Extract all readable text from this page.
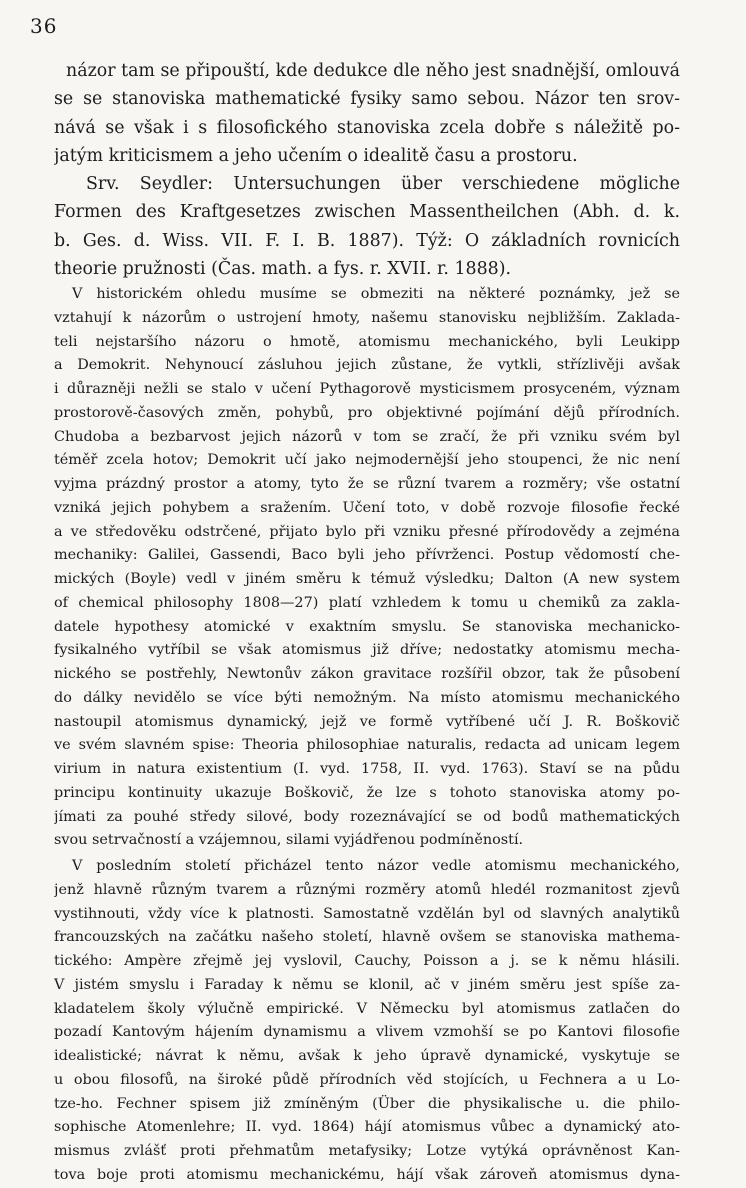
36
názor tam se připouští, kde dedukce dle něho jest snadnější, omlouvá
se se stanoviska mathematické fysiky samo sebou. Názor ten srov-
nává se však i s filosofického stanoviska zcela dobře s náležitě po-
jatým kriticismem a jeho učením o idealitě času a prostoru.
Srv. Seydler: Untersuchungen über verschiedene mögliche
Formen des Kraftgesetzes zwischen Massentheilchen (Abh. d. k.
b. Ges. d. Wiss. VII. F. I. B. 1887). Týž: O základních rovnicích
theorie pružnosti (Čas. math. a fys. r. XVII. r. 1888).
V historickém ohledu musíme se obmeziti na některé poznámky, jež se
vztahují k názorům o ustrojení hmoty, našemu stanovisku nejbližším. Zaklada-
teli nejstaršího názoru o hmotě, atomismu mechanického, byli Leukipp
a Demokrit. Nehynoucí zásluhou jejich zůstane, že vytkli, střízlivěji avšak
i důrazněji nežli se stalo v učení Pythagorově mysticismem prosyceném, význam
prostorově-časových změn, pohybů, pro objektivné pojímání dějů přírodních.
Chudoba a bezbarvost jejich názorů v tom se zračí, že při vzniku svém byl
téměř zcela hotov; Demokrit učí jako nejmodernější jeho stoupenci, že nic není
vyjma prázdný prostor a atomy, tyto že se různí tvarem a rozměry; vše ostatní
vzniká jejich pohybem a sražením. Učení toto, v době rozvoje filosofie řecké
a ve středověku odstrčené, přijato bylo při vzniku přesné přírodovědy a zejména
mechaniky: Galilei, Gassendi, Baco byli jeho přívrženci. Postup vědomostí che-
mických (Boyle) vedl v jiném směru k témuž výsledku; Dalton (A new system
of chemical philosophy 1808—27) platí vzhledem k tomu u chemiků za zakla-
datele hypothesy atomické v exaktním smyslu. Se stanoviska mechanicko-
fysikalného vytříbil se však atomismus již dříve; nedostatky atomismu mecha-
nického se postřehly, Newtonův zákon gravitace rozšířil obzor, tak že působení
do dálky nevidělo se více býti nemožným. Na místo atomismu mechanického
nastoupil atomismus dynamický, jejž ve formě vytříbené učí J. R. Boškovič
ve svém slavném spise: Theoria philosophiae naturalis, redacta ad unicam legem
virium in natura existentium (I. vyd. 1758, II. vyd. 1763). Staví se na půdu
principu kontinuity ukazuje Boškovič, že lze s tohoto stanoviska atomy po-
jímati za pouhé středy silové, body rozeznávající se od bodů mathematických
svou setrvačností a vzájemnou, silami vyjádřenou podmíněností.
V posledním století přicházel tento názor vedle atomismu mechanického,
jenž hlavně různým tvarem a různými rozměry atomů hledél rozmanitost zjevů
vystihnouti, vždy více k platnosti. Samostatně vzdělán byl od slavných analytiků
francouzských na začátku našeho století, hlavně ovšem se stanoviska mathema-
tického: Ampère zřejmě jej vyslovil, Cauchy, Poisson a j. se k němu hlásili.
V jistém smyslu i Faraday k němu se klonil, ač v jiném směru jest spíše za-
kladatelem školy výlučně empirické. V Německu byl atomismus zatlačen do
pozadí Kantovým hájením dynamismu a vlivem vzmohší se po Kantovi filosofie
idealistické; návrat k němu, avšak k jeho úpravě dynamické, vyskytuje se
u obou filosofů, na široké půdě přírodních věd stojících, u Fechnera a u Lo-
tze-ho. Fechner spisem již zmíněným (Über die physikalische u. die philo-
sophische Atomenlehre; II. vyd. 1864) hájí atomismus vůbec a dynamický ato-
mismus zvlášť proti přehmatům metafysiky; Lotze vytýká oprávněnost Kan-
tova boje proti atomismu mechanickému, hájí však zároveň atomismus dyna-
